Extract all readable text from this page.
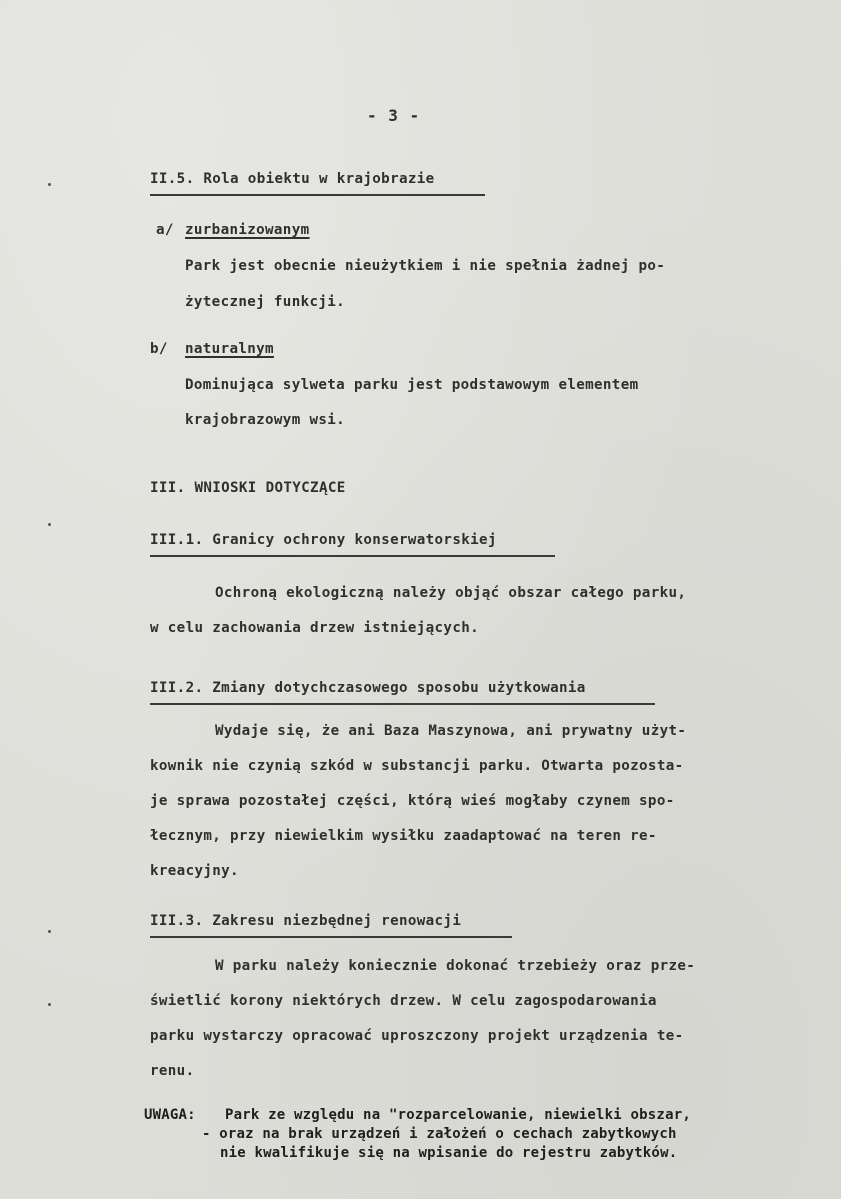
- 3 -

II.5. Rola obiektu w krajobrazie

a/ zurbanizowanym

Park jest obecnie nieużytkiem i nie spełnia żadnej po-

żytecznej funkcji.

b/ naturalnym

Dominująca sylweta parku jest podstawowym elementem

krajobrazowym wsi.

III. WNIOSKI DOTYCZĄCE

III.1. Granicy ochrony konserwatorskiej

Ochroną ekologiczną należy objąć obszar całego parku,

w celu zachowania drzew istniejących.

III.2. Zmiany dotychczasowego sposobu użytkowania

Wydaje się, że ani Baza Maszynowa, ani prywatny użyt-

kownik nie czynią szkód w substancji parku. Otwarta pozosta-

je sprawa pozostałej części, którą wieś mogłaby czynem spo-

łecznym, przy niewielkim wysiłku zaadaptować na teren re-

kreacyjny.

III.3. Zakresu niezbędnej renowacji

W parku należy koniecznie dokonać trzebieży oraz prze-

świetlić korony niektórych drzew. W celu zagospodarowania

parku wystarczy opracować uproszczony projekt urządzenia te-

renu.

UWAGA: Park ze względu na "rozparcelowanie, niewielki obszar,

- oraz na brak urządzeń i założeń o cechach zabytkowych

nie kwalifikuje się na wpisanie do rejestru zabytków.
